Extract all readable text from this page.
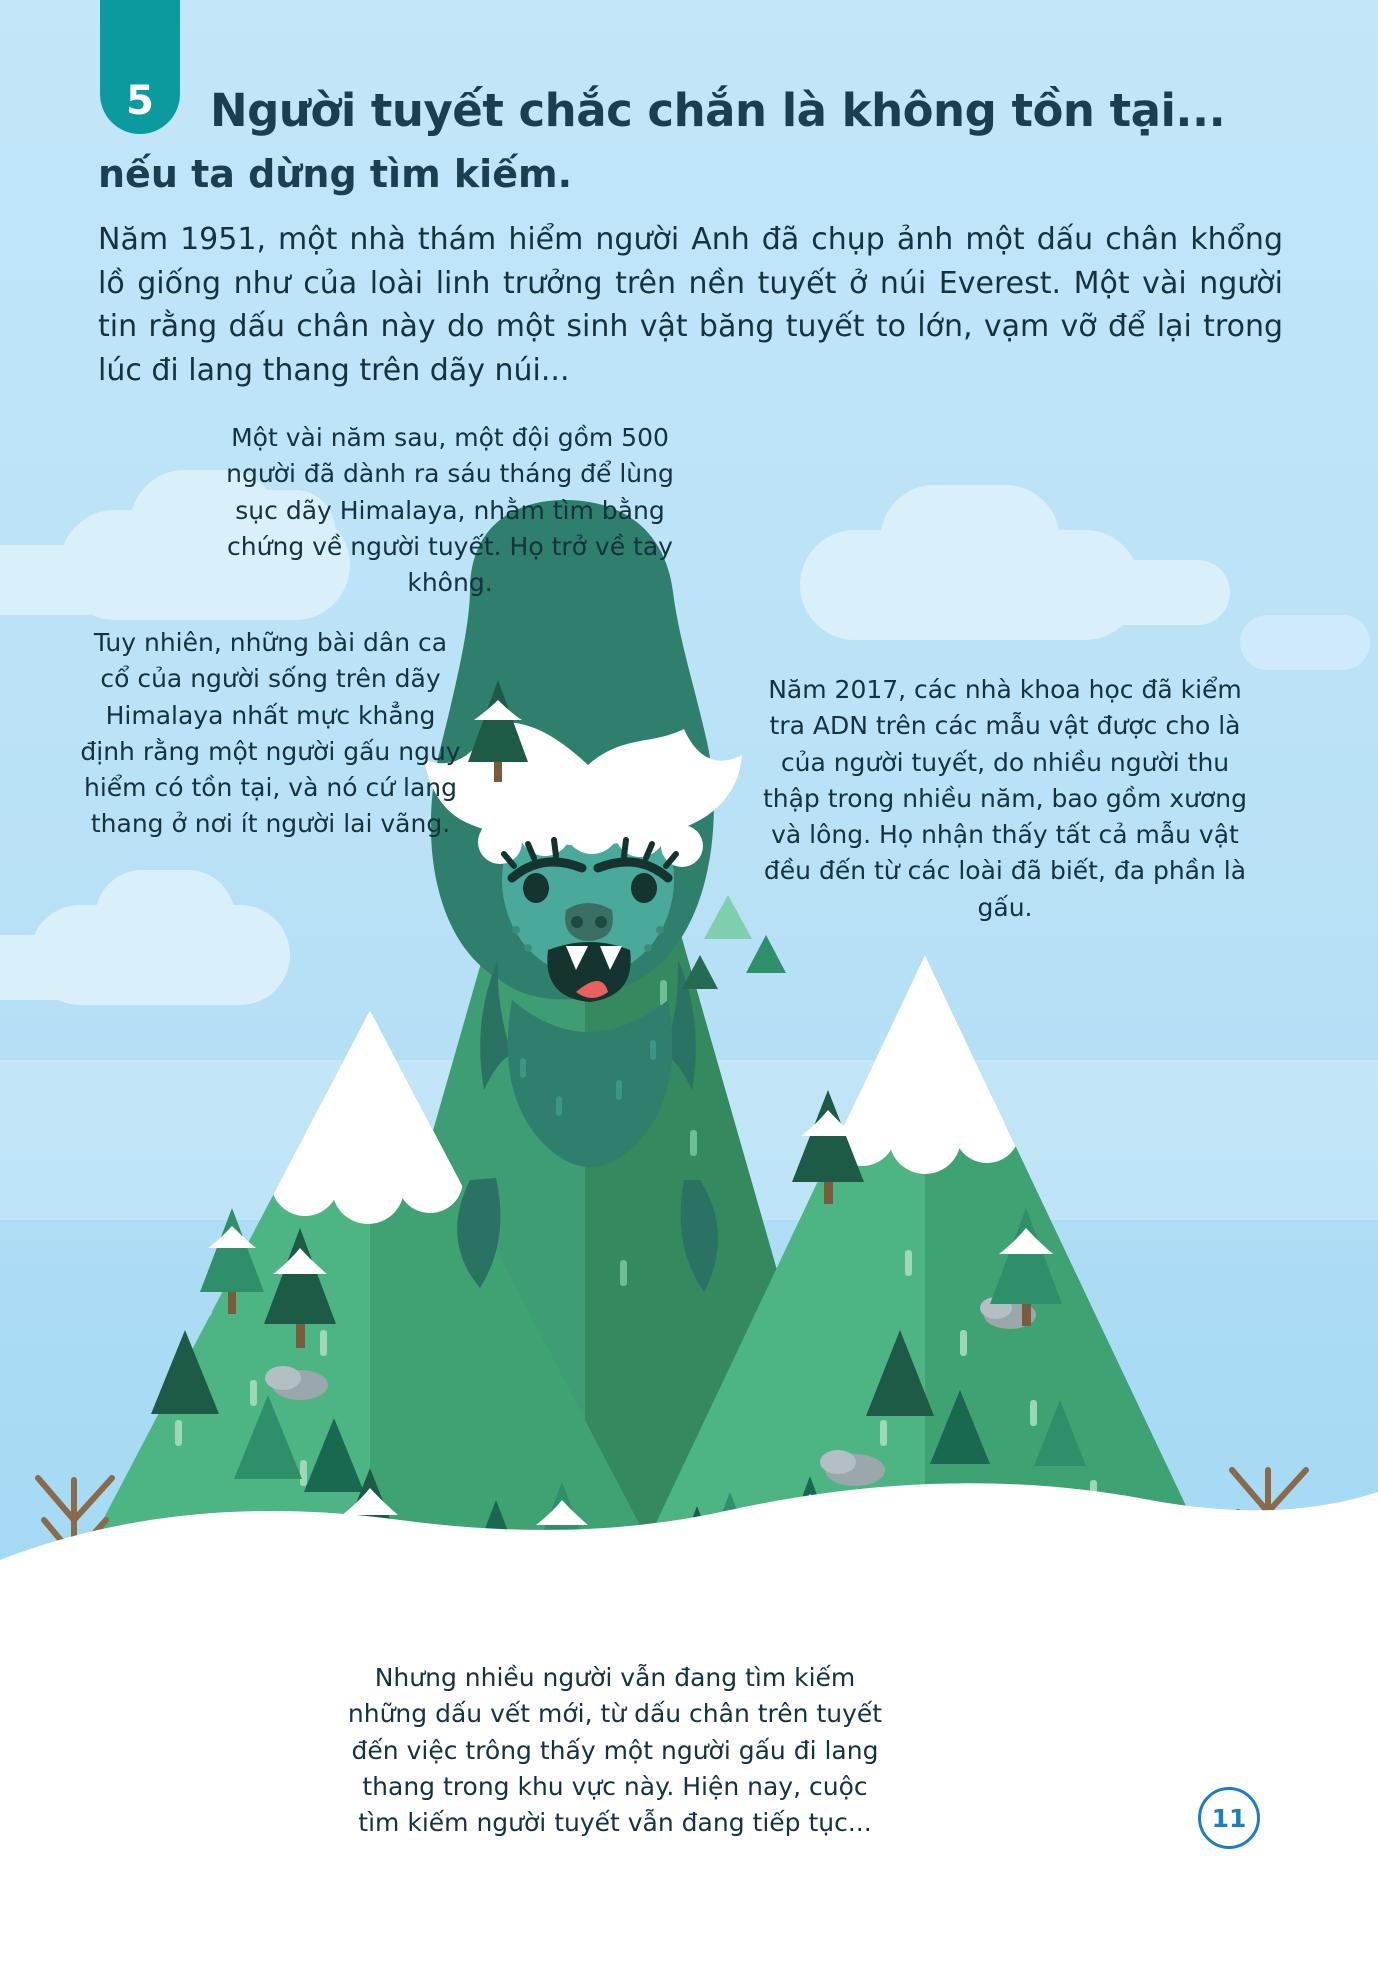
5	Người tuyết chắc chắn là không tồn tại...
nếu ta dừng tìm kiếm.
Năm 1951, một nhà thám hiểm người Anh đã chụp ảnh một dấu chân khổng lồ giống như của loài linh trưởng trên nền tuyết ở núi Everest. Một vài người tin rằng dấu chân này do một sinh vật băng tuyết to lớn, vạm vỡ để lại trong lúc đi lang thang trên dãy núi...
Một vài năm sau, một đội gồm 500 người đã dành ra sáu tháng để lùng sục dãy Himalaya, nhằm tìm bằng chứng về người tuyết. Họ trở về tay không.
Tuy nhiên, những bài dân ca cổ của người sống trên dãy Himalaya nhất mực khẳng định rằng một người gấu nguy hiểm có tồn tại, và nó cứ lang thang ở nơi ít người lai vãng.
Năm 2017, các nhà khoa học đã kiểm tra ADN trên các mẫu vật được cho là của người tuyết, do nhiều người thu thập trong nhiều năm, bao gồm xương và lông. Họ nhận thấy tất cả mẫu vật đều đến từ các loài đã biết, đa phần là gấu.
Nhưng nhiều người vẫn đang tìm kiếm những dấu vết mới, từ dấu chân trên tuyết đến việc trông thấy một người gấu đi lang thang trong khu vực này. Hiện nay, cuộc tìm kiếm người tuyết vẫn đang tiếp tục...	11
